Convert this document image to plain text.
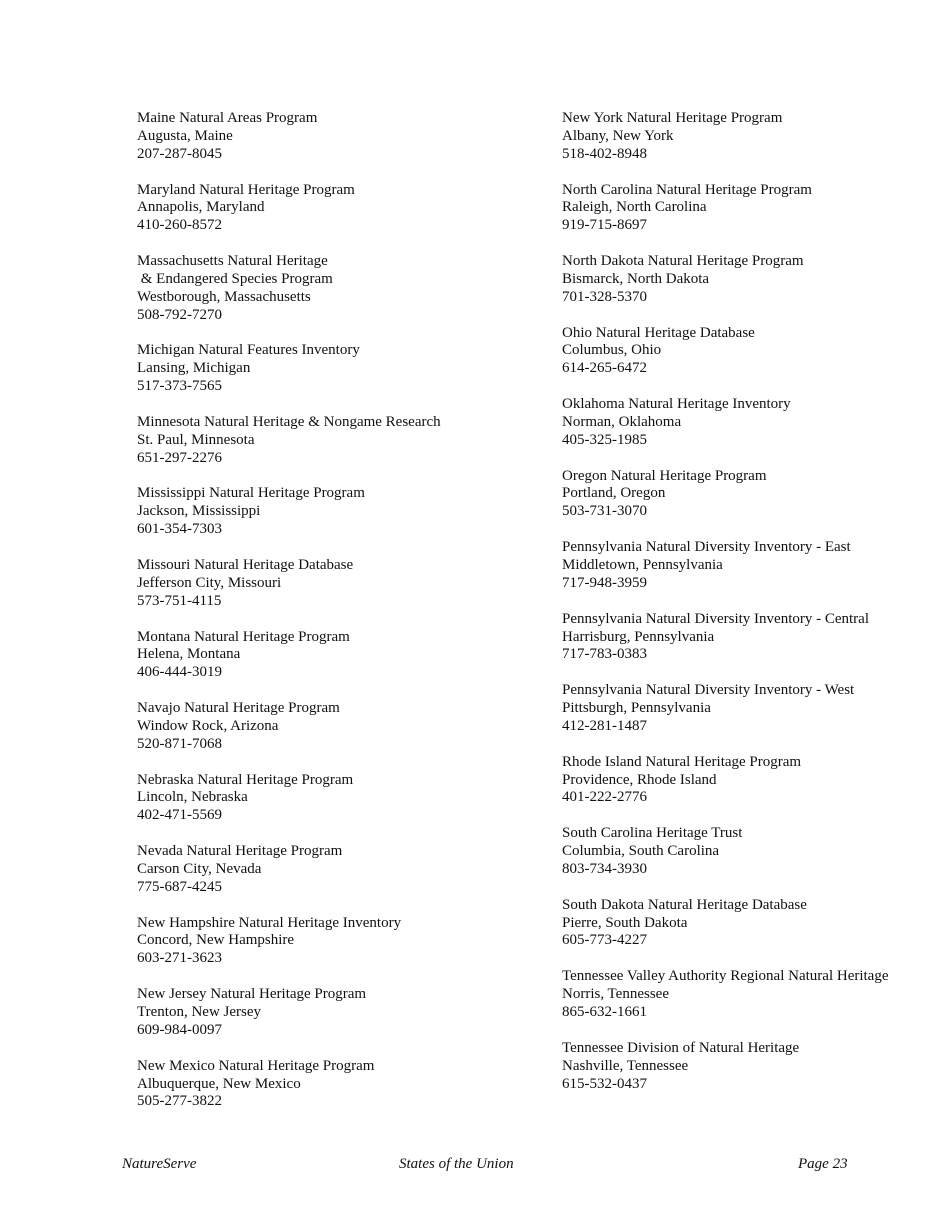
Maine Natural Areas Program
Augusta, Maine
207-287-8045
Maryland Natural Heritage Program
Annapolis, Maryland
410-260-8572
Massachusetts Natural Heritage
& Endangered Species Program
Westborough, Massachusetts
508-792-7270
Michigan Natural Features Inventory
Lansing, Michigan
517-373-7565
Minnesota Natural Heritage & Nongame Research
St. Paul, Minnesota
651-297-2276
Mississippi Natural Heritage Program
Jackson, Mississippi
601-354-7303
Missouri Natural Heritage Database
Jefferson City, Missouri
573-751-4115
Montana Natural Heritage Program
Helena, Montana
406-444-3019
Navajo Natural Heritage Program
Window Rock, Arizona
520-871-7068
Nebraska Natural Heritage Program
Lincoln, Nebraska
402-471-5569
Nevada Natural Heritage Program
Carson City, Nevada
775-687-4245
New Hampshire Natural Heritage Inventory
Concord, New Hampshire
603-271-3623
New Jersey Natural Heritage Program
Trenton, New Jersey
609-984-0097
New Mexico Natural Heritage Program
Albuquerque, New Mexico
505-277-3822
New York Natural Heritage Program
Albany, New York
518-402-8948
North Carolina Natural Heritage Program
Raleigh, North Carolina
919-715-8697
North Dakota Natural Heritage Program
Bismarck, North Dakota
701-328-5370
Ohio Natural Heritage Database
Columbus, Ohio
614-265-6472
Oklahoma Natural Heritage Inventory
Norman, Oklahoma
405-325-1985
Oregon Natural Heritage Program
Portland, Oregon
503-731-3070
Pennsylvania Natural Diversity Inventory - East
Middletown, Pennsylvania
717-948-3959
Pennsylvania Natural Diversity Inventory - Central
Harrisburg, Pennsylvania
717-783-0383
Pennsylvania Natural Diversity Inventory - West
Pittsburgh, Pennsylvania
412-281-1487
Rhode Island Natural Heritage Program
Providence, Rhode Island
401-222-2776
South Carolina Heritage Trust
Columbia, South Carolina
803-734-3930
South Dakota Natural Heritage Database
Pierre, South Dakota
605-773-4227
Tennessee Valley Authority Regional Natural Heritage
Norris, Tennessee
865-632-1661
Tennessee Division of Natural Heritage
Nashville, Tennessee
615-532-0437
NatureServe	States of the Union	Page 23
